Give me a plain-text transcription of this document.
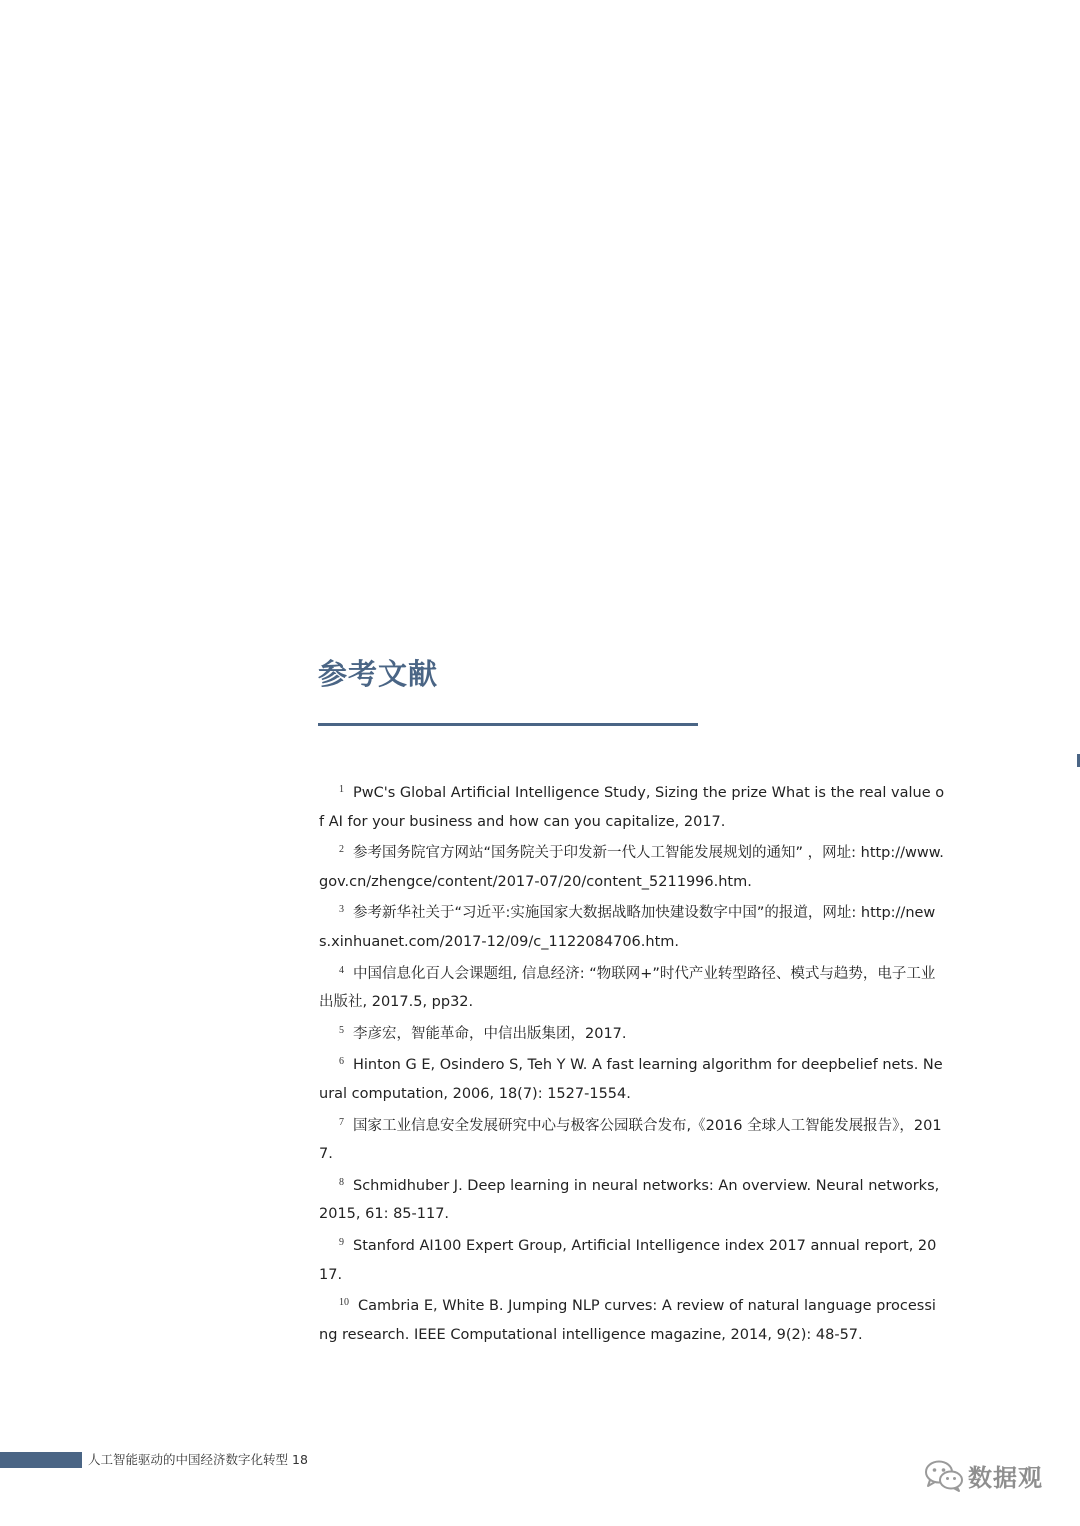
参考文献
$^1$ PwC's Global Artificial Intelligence Study, Sizing the prize What is the real value of AI for your business and how can you capitalize, 2017.
$^2$ 参考国务院官方网站“国务院关于印发新一代人工智能发展规划的通知” ，网址: http://www.gov.cn/zhengce/content/2017-07/20/content_5211996.htm.
$^3$ 参考新华社关于“习近平:实施国家大数据战略加快建设数字中国”的报道，网址: http://news.xinhuanet.com/2017-12/09/c_1122084706.htm.
$^4$ 中国信息化百人会课题组, 信息经济: “物联网+”时代产业转型路径、模式与趋势，电子工业出版社, 2017.5, pp32.
$^5$ 李彦宏，智能革命，中信出版集团，2017.
$^6$ Hinton G E, Osindero S, Teh Y W. A fast learning algorithm for deepbelief nets. Neural computation, 2006, 18(7): 1527-1554.
$^7$ 国家工业信息安全发展研究中心与极客公园联合发布,《2016 全球人工智能发展报告》，2017.
$^8$ Schmidhuber J. Deep learning in neural networks: An overview. Neural networks, 2015, 61: 85-117.
$^9$ Stanford AI100 Expert Group, Artificial Intelligence index 2017 annual report, 2017.
$^{10}$ Cambria E, White B. Jumping NLP curves: A review of natural language processing research. IEEE Computational intelligence magazine, 2014, 9(2): 48-57.
人工智能驱动的中国经济数字化转型 18
数据观
